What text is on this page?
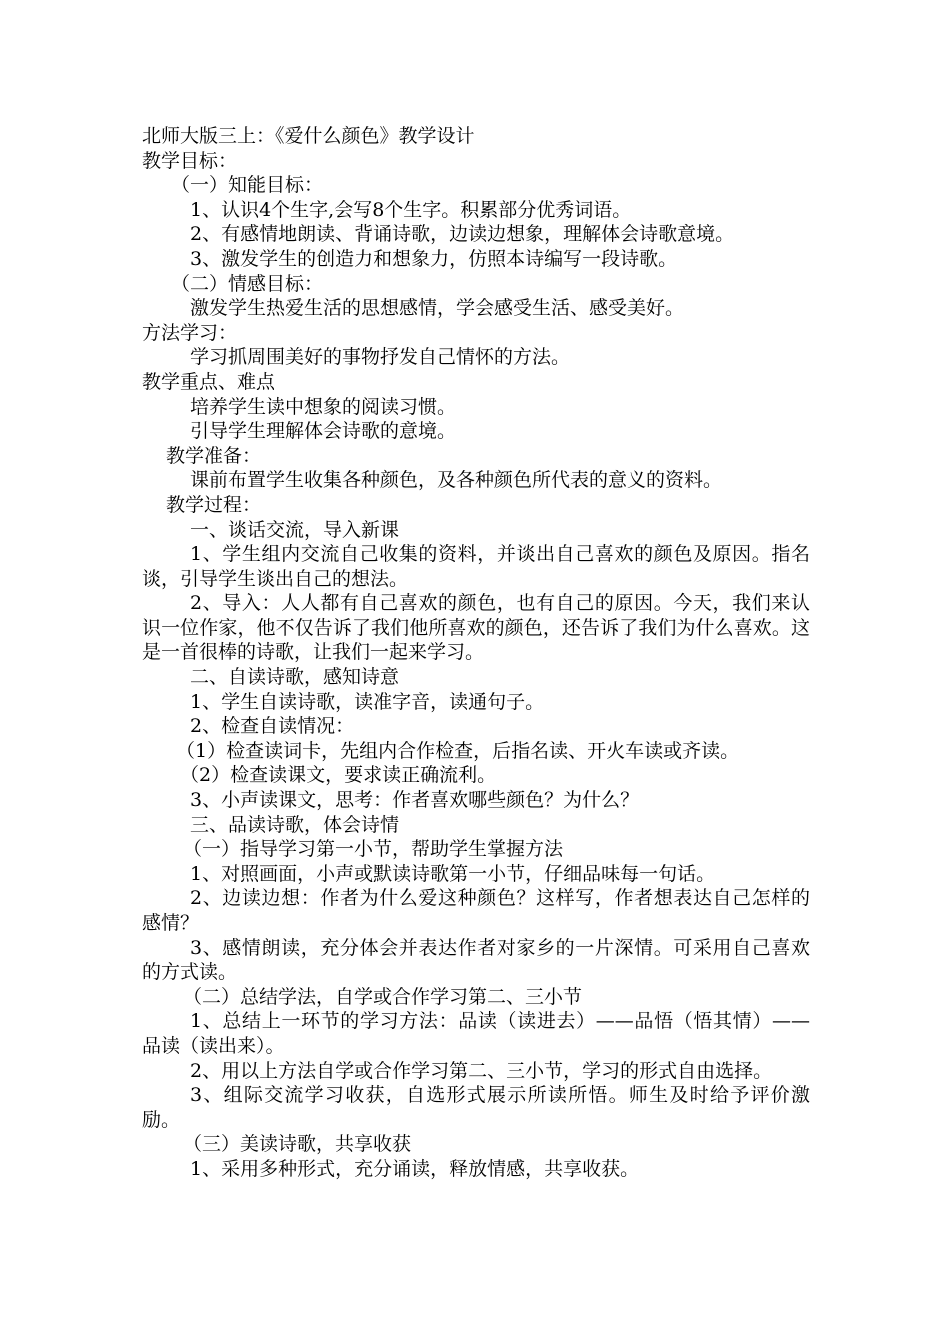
北师大版三上：《爱什么颜色》教学设计

教学目标：

（一）知能目标：

1、认识4个生字,会写8个生字。积累部分优秀词语。

2、有感情地朗读、背诵诗歌，边读边想象，理解体会诗歌意境。

3、激发学生的创造力和想象力，仿照本诗编写一段诗歌。

（二）情感目标：

激发学生热爱生活的思想感情，学会感受生活、感受美好。

方法学习：

学习抓周围美好的事物抒发自己情怀的方法。

教学重点、难点

培养学生读中想象的阅读习惯。

引导学生理解体会诗歌的意境。

教学准备：

课前布置学生收集各种颜色，及各种颜色所代表的意义的资料。

教学过程：

一、谈话交流，导入新课

1、学生组内交流自己收集的资料，并谈出自己喜欢的颜色及原因。指名谈，引导学生谈出自己的想法。

2、导入：人人都有自己喜欢的颜色，也有自己的原因。今天，我们来认识一位作家，他不仅告诉了我们他所喜欢的颜色，还告诉了我们为什么喜欢。这是一首很棒的诗歌，让我们一起来学习。

二、自读诗歌，感知诗意

1、学生自读诗歌，读准字音，读通句子。

2、检查自读情况：

（1）检查读词卡，先组内合作检查，后指名读、开火车读或齐读。

（2）检查读课文，要求读正确流利。

3、小声读课文，思考：作者喜欢哪些颜色？为什么？

三、品读诗歌，体会诗情

（一）指导学习第一小节，帮助学生掌握方法

1、对照画面，小声或默读诗歌第一小节，仔细品味每一句话。

2、边读边想：作者为什么爱这种颜色？这样写，作者想表达自己怎样的感情？

3、感情朗读，充分体会并表达作者对家乡的一片深情。可采用自己喜欢的方式读。

（二）总结学法，自学或合作学习第二、三小节

1、总结上一环节的学习方法：品读（读进去）——品悟（悟其情）——品读（读出来）。

2、用以上方法自学或合作学习第二、三小节，学习的形式自由选择。

3、组际交流学习收获，自选形式展示所读所悟。师生及时给予评价激励。

（三）美读诗歌，共享收获

1、采用多种形式，充分诵读，释放情感，共享收获。
